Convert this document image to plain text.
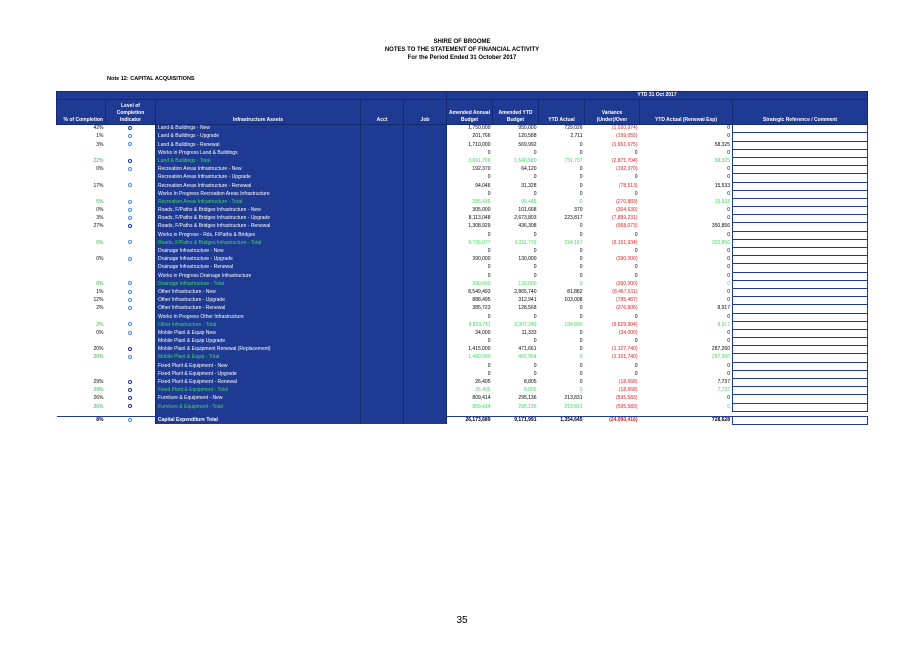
SHIRE OF BROOME
NOTES TO THE STATEMENT OF FINANCIAL ACTIVITY
For the Period Ended 31 October 2017
Note 12: CAPITAL ACQUISITIONS
					YTD 31 Oct 2017					
% of Completion	Level of Completion Indicator	Infrastructure Assets	Acct	Job	Amended Annual Budget	Amended YTD Budget	YTD Actual	Variance (Under)/Over	YTD Actual (Renewal Exp)	Strategic Reference / Comment
42%		Land & Buildings - New			1,750,000	950,000	729,026	(1,020,974)	0	
1%		Land & Buildings - Upgrade			201,766	120,588	2,711	(199,055)	0	
3%		Land & Buildings - Renewal			1,710,000	569,992	0	(1,651,675)	58,325	
		Works in Progress Land & Buildings			0	0	0	0	0	
22%		Land & Buildings - Total			3,661,766	1,640,580	731,737	(2,871,704)	58,325	
0%		Recreation Areas Infrastructure - New			192,370	64,120	0	(192,370)	0	
		Recreation Areas Infrastructure - Upgrade			0	0	0	0	0	
17%		Recreation Areas Infrastructure - Renewal			94,046	31,328	0	(78,513)	15,533	
		Works In Progress Recreation Areas Infrastructure			0	0	0	0	0	
5%		Recreation Areas Infrastructure - Total			286,416	95,448	0	(270,883)	15,533	
0%		Roads, F/Paths & Bridges Infrastructure - New			305,000	101,668	370	(304,630)	0	
3%		Roads, F/Paths & Bridges Infrastructure - Upgrade			8,113,048	2,673,803	223,817	(7,889,231)	0	
27%		Roads, F/Paths & Bridges Infrastructure - Renewal			1,308,929	436,308	0	(958,073)	350,856	
		Works in Progress - Rds, F/Paths & Bridges			0	0	0	0	0	
6%		Roads, F/Paths & Bridges Infrastructure - Total			9,726,977	3,211,779	224,187	(9,151,934)	350,856	
		Drainage Infrastructure - New			0	0	0	0	0	
0%		Drainage Infrastructure - Upgrade			390,000	130,000	0	(390,000)	0	
		Drainage Infrastructure - Renewal			0	0	0	0	0	
		Works in Progress Drainage Infrastructure			0	0	0	0	0	
0%		Drainage Infrastructure - Total			390,000	130,000	0	(390,000)	0	
1%		Other Infrastructure - New			8,549,493	2,865,740	81,882	(8,467,611)	0	
12%		Other Infrastructure - Upgrade			888,495	312,941	103,008	(785,487)	0	
2%		Other Infrastructure - Renewal			385,723	128,568	0	(376,806)	8,917	
		Works In Progress Other Infrastructure			0	0	0	0	0	
2%		Other Infrastructure - Total			9,823,711	3,307,249	184,890	(9,629,904)	8,917	
0%		Mobile Plant & Equip New			34,000	11,333	0	(34,000)	0	
		Mobile Plant & Equip Upgrade			0	0	0	0	0	
20%		Mobile Plant & Equipment Renewal (Replacement)			1,415,000	471,661	0	(1,127,740)	287,260	
20%		Mobile Plant & Equip - Total			1,449,000	482,994	0	(1,161,740)	287,260	
		Fixed Plant & Equipment - New			0	0	0	0	0	
		Fixed Plant & Equipment - Upgrade			0	0	0	0	0	
29%		Fixed Plant & Equipment - Renewal			26,405	8,805	0	(18,668)	7,737	
29%		Fixed Plant & Equipment - Total			26,405	8,805	0	(18,668)	7,737	
26%		Furniture & Equipment - New			809,414	295,136	213,831	(595,583)	0	
26%		Furniture & Equipment - Total			809,414	295,136	213,831	(595,583)	0	

8%		Capital Expenditure Total			26,173,689	9,171,991	1,354,645	(24,090,416)	728,628	
35
